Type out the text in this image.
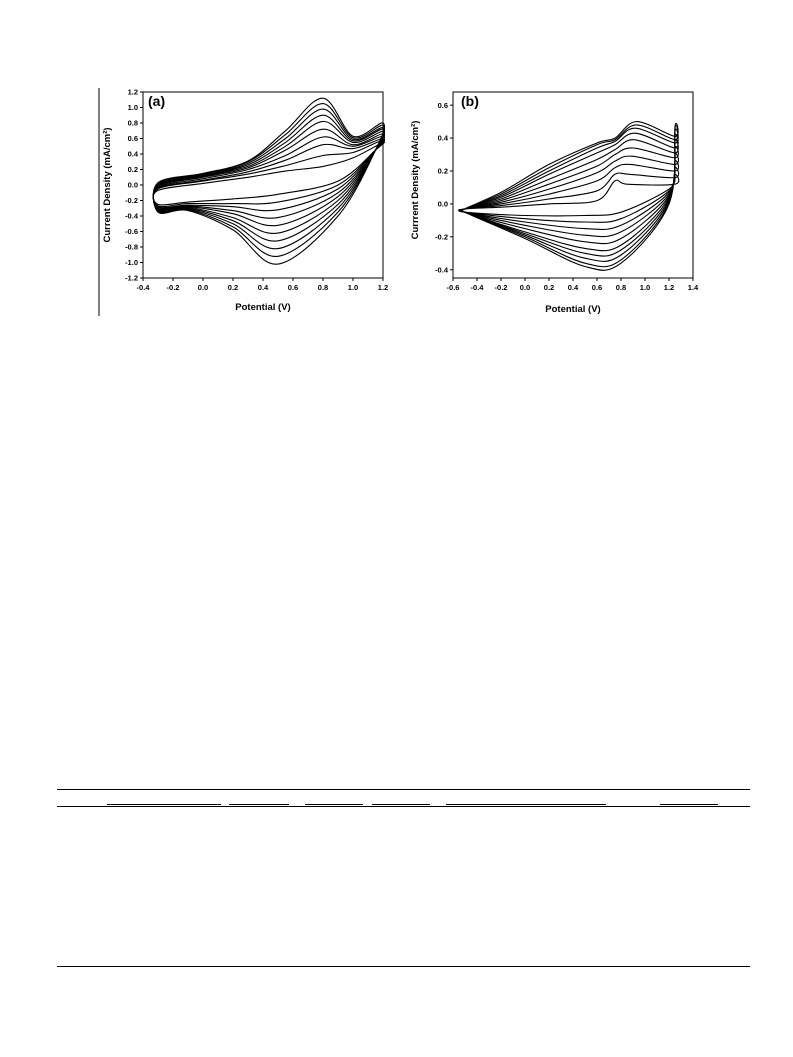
(a)
-0.4 -0.2 0.0	0.2	0.4	0.6	0.8	1.0	1.2
1.2
1.0
0.8
0.6
0.4
0.2
0.0
-0.2
-0.4
-0.6
-0.8
-1.0
-1.2
Potential (V)
Current Density (mA/cm²)
(b)
-0.6 -0.4 -0.2 0.0 0.2 0.4 0.6 0.8 1.0 1.2 1.4
0.6
0.4
0.2
0.0
-0.2
-0.4
Potential (V)
Currrent Density (mA/cm²)
